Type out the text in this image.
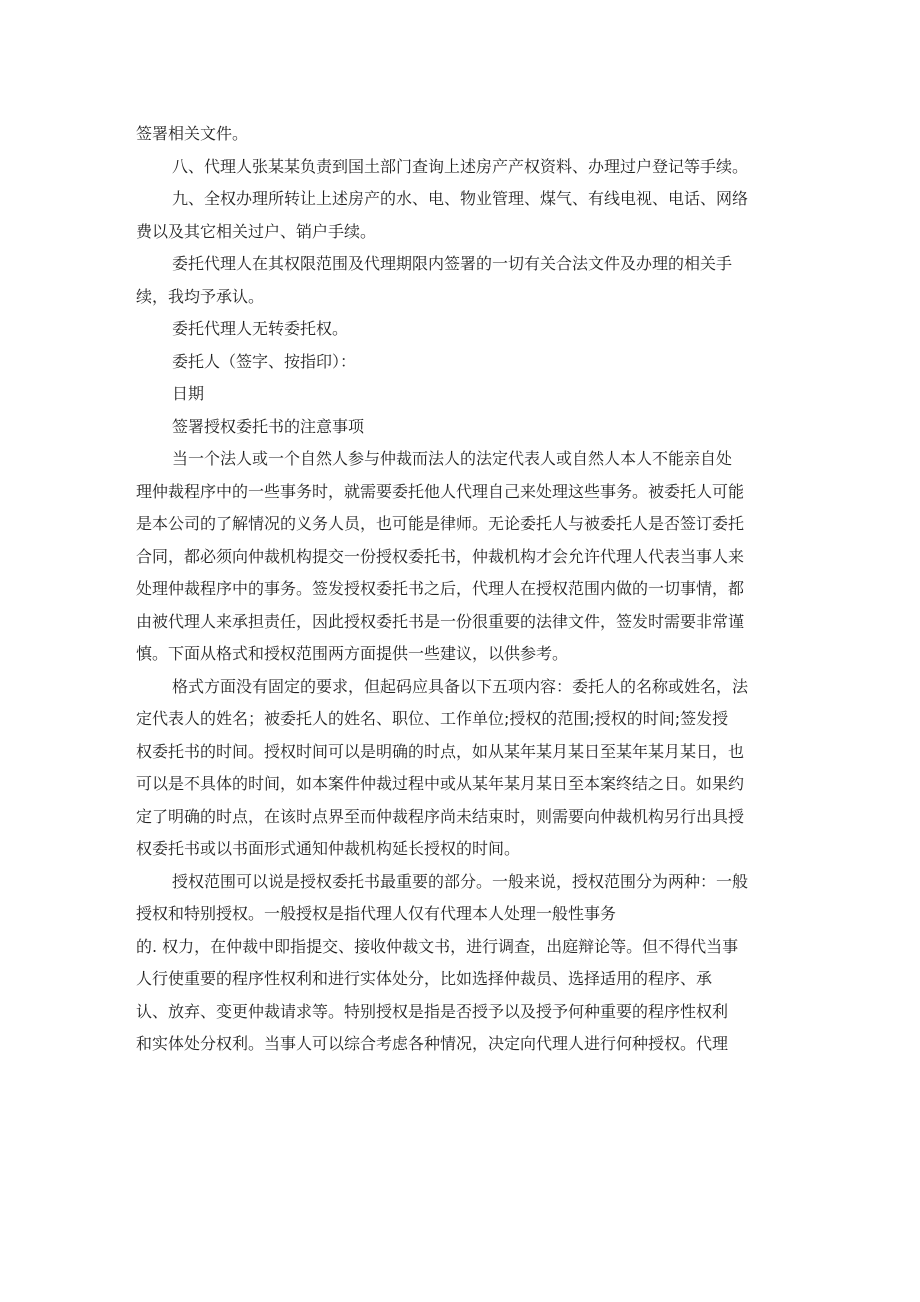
签署相关文件。
八、代理人张某某负责到国土部门查询上述房产产权资料、办理过户登记等手续。
九、全权办理所转让上述房产的水、电、物业管理、煤气、有线电视、电话、网络
费以及其它相关过户、销户手续。
委托代理人在其权限范围及代理期限内签署的一切有关合法文件及办理的相关手
续，我均予承认。
委托代理人无转委托权。
委托人（签字、按指印）：
日期
签署授权委托书的注意事项
当一个法人或一个自然人参与仲裁而法人的法定代表人或自然人本人不能亲自处
理仲裁程序中的一些事务时，就需要委托他人代理自己来处理这些事务。被委托人可能
是本公司的了解情况的义务人员，也可能是律师。无论委托人与被委托人是否签订委托
合同，都必须向仲裁机构提交一份授权委托书，仲裁机构才会允许代理人代表当事人来
处理仲裁程序中的事务。签发授权委托书之后，代理人在授权范围内做的一切事情，都
由被代理人来承担责任，因此授权委托书是一份很重要的法律文件，签发时需要非常谨
慎。下面从格式和授权范围两方面提供一些建议，以供参考。
格式方面没有固定的要求，但起码应具备以下五项内容：委托人的名称或姓名，法
定代表人的姓名；被委托人的姓名、职位、工作单位;授权的范围;授权的时间;签发授
权委托书的时间。授权时间可以是明确的时点，如从某年某月某日至某年某月某日，也
可以是不具体的时间，如本案件仲裁过程中或从某年某月某日至本案终结之日。如果约
定了明确的时点，在该时点界至而仲裁程序尚未结束时，则需要向仲裁机构另行出具授
权委托书或以书面形式通知仲裁机构延长授权的时间。
授权范围可以说是授权委托书最重要的部分。一般来说，授权范围分为两种：一般
授权和特别授权。一般授权是指代理人仅有代理本人处理一般性事务
的. 权力，在仲裁中即指提交、接收仲裁文书，进行调查，出庭辩论等。但不得代当事
人行使重要的程序性权利和进行实体处分，比如选择仲裁员、选择适用的程序、承
认、放弃、变更仲裁请求等。特别授权是指是否授予以及授予何种重要的程序性权利
和实体处分权利。当事人可以综合考虑各种情况，决定向代理人进行何种授权。代理
